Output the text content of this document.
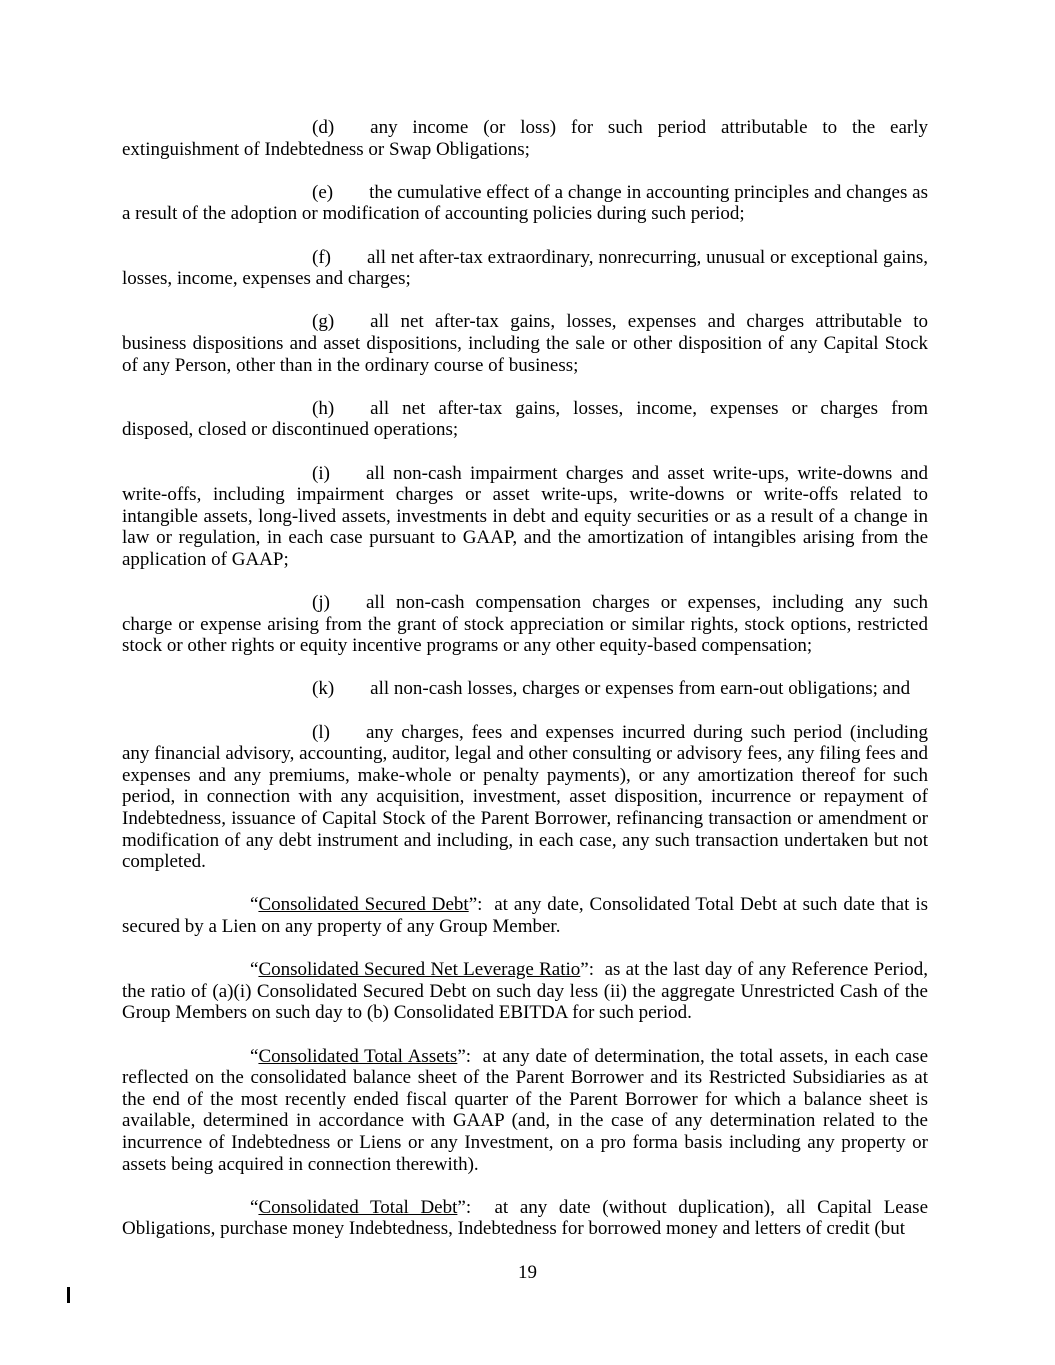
(d) any income (or loss) for such period attributable to the early extinguishment of Indebtedness or Swap Obligations;

(e) the cumulative effect of a change in accounting principles and changes as a result of the adoption or modification of accounting policies during such period;

(f) all net after-tax extraordinary, nonrecurring, unusual or exceptional gains, losses, income, expenses and charges;

(g) all net after-tax gains, losses, expenses and charges attributable to business dispositions and asset dispositions, including the sale or other disposition of any Capital Stock of any Person, other than in the ordinary course of business;

(h) all net after-tax gains, losses, income, expenses or charges from disposed, closed or discontinued operations;

(i) all non-cash impairment charges and asset write-ups, write-downs and write-offs, including impairment charges or asset write-ups, write-downs or write-offs related to intangible assets, long-lived assets, investments in debt and equity securities or as a result of a change in law or regulation, in each case pursuant to GAAP, and the amortization of intangibles arising from the application of GAAP;

(j) all non-cash compensation charges or expenses, including any such charge or expense arising from the grant of stock appreciation or similar rights, stock options, restricted stock or other rights or equity incentive programs or any other equity-based compensation;

(k) all non-cash losses, charges or expenses from earn-out obligations; and

(l) any charges, fees and expenses incurred during such period (including any financial advisory, accounting, auditor, legal and other consulting or advisory fees, any filing fees and expenses and any premiums, make-whole or penalty payments), or any amortization thereof for such period, in connection with any acquisition, investment, asset disposition, incurrence or repayment of Indebtedness, issuance of Capital Stock of the Parent Borrower, refinancing transaction or amendment or modification of any debt instrument and including, in each case, any such transaction undertaken but not completed.

“Consolidated Secured Debt”:  at any date, Consolidated Total Debt at such date that is secured by a Lien on any property of any Group Member.

“Consolidated Secured Net Leverage Ratio”:  as at the last day of any Reference Period, the ratio of (a)(i) Consolidated Secured Debt on such day less (ii) the aggregate Unrestricted Cash of the Group Members on such day to (b) Consolidated EBITDA for such period.

“Consolidated Total Assets”:  at any date of determination, the total assets, in each case reflected on the consolidated balance sheet of the Parent Borrower and its Restricted Subsidiaries as at the end of the most recently ended fiscal quarter of the Parent Borrower for which a balance sheet is available, determined in accordance with GAAP (and, in the case of any determination related to the incurrence of Indebtedness or Liens or any Investment, on a pro forma basis including any property or assets being acquired in connection therewith).

“Consolidated Total Debt”:  at any date (without duplication), all Capital Lease Obligations, purchase money Indebtedness, Indebtedness for borrowed money and letters of credit (but

19
